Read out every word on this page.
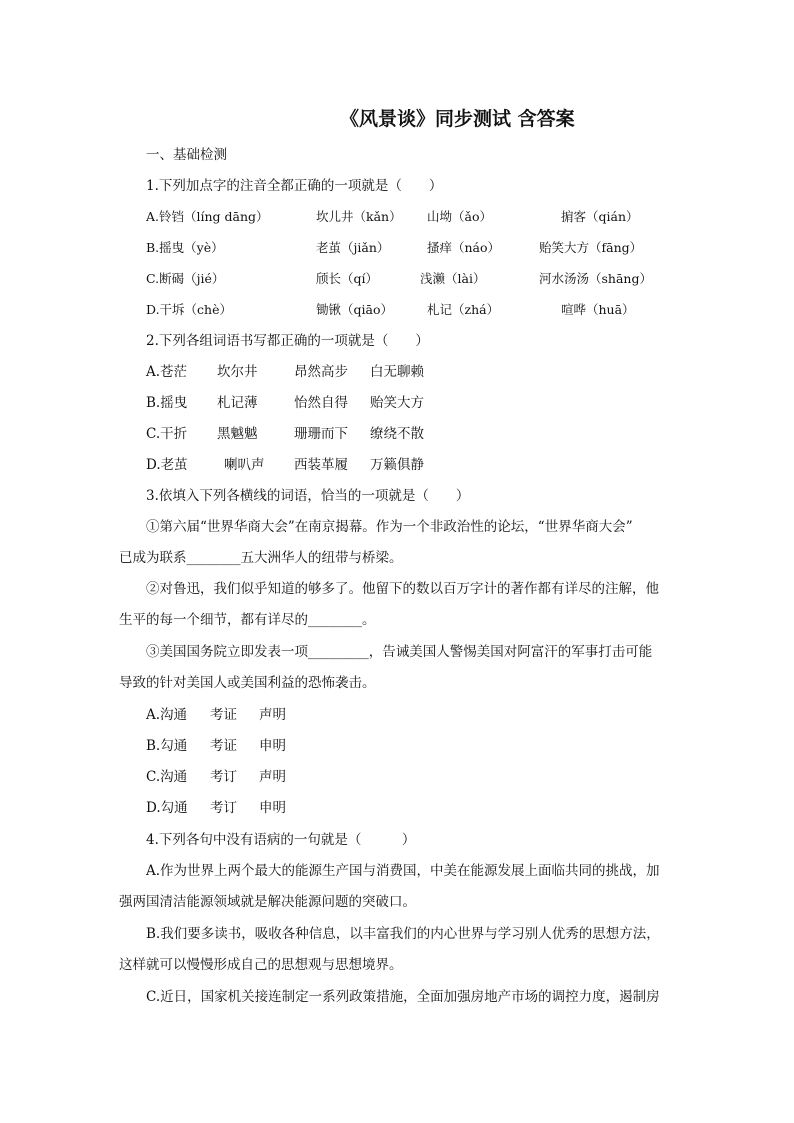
《风景谈》同步测试 含答案
一、基础检测
1.下列加点字的注音全都正确的一项就是（　　）
A.铃铛（líng dāng）	坎儿井（kǎn） 山坳（ǎo）	掮客（qián）
B.摇曳（yè）	老茧（jiǎn）	搔痒（náo）	贻笑大方（fāng）
C.断碣（jié）	颀长（qí）	浅濑（lài）	河水汤汤（shāng）
D.干坼（chè）	锄锹（qiāo）	札记（zhá）	喧哗（huā）
2.下列各组词语书写都正确的一项就是（　　）
A.苍茫 坎尔井	昂然高步 白无聊赖
B.摇曳 札记薄	怡然自得 贻笑大方
C.干折 黑魆魆	珊珊而下 缭绕不散
D.老茧	喇叭声 西装革履 万籁俱静
3.依填入下列各横线的词语，恰当的一项就是（　　）
①第六届“世界华商大会”在南京揭幕。作为一个非政治性的论坛，“世界华商大会”
已成为联系________五大洲华人的纽带与桥梁。
②对鲁迅，我们似乎知道的够多了。他留下的数以百万字计的著作都有详尽的注解，他
生平的每一个细节，都有详尽的________。
③美国国务院立即发表一项_________，告诫美国人警惕美国对阿富汗的军事打击可能
导致的针对美国人或美国利益的恐怖袭击。
A.沟通 考证 声明
B.勾通 考证 申明
C.沟通 考订 声明
D.勾通 考订 申明
4.下列各句中没有语病的一句就是（　　　）
A.作为世界上两个最大的能源生产国与消费国，中美在能源发展上面临共同的挑战，加
强两国清洁能源领域就是解决能源问题的突破口。
B.我们要多读书，吸收各种信息，以丰富我们的内心世界与学习别人优秀的思想方法，
这样就可以慢慢形成自己的思想观与思想境界。
C.近日，国家机关接连制定一系列政策措施，全面加强房地产市场的调控力度，遏制房
